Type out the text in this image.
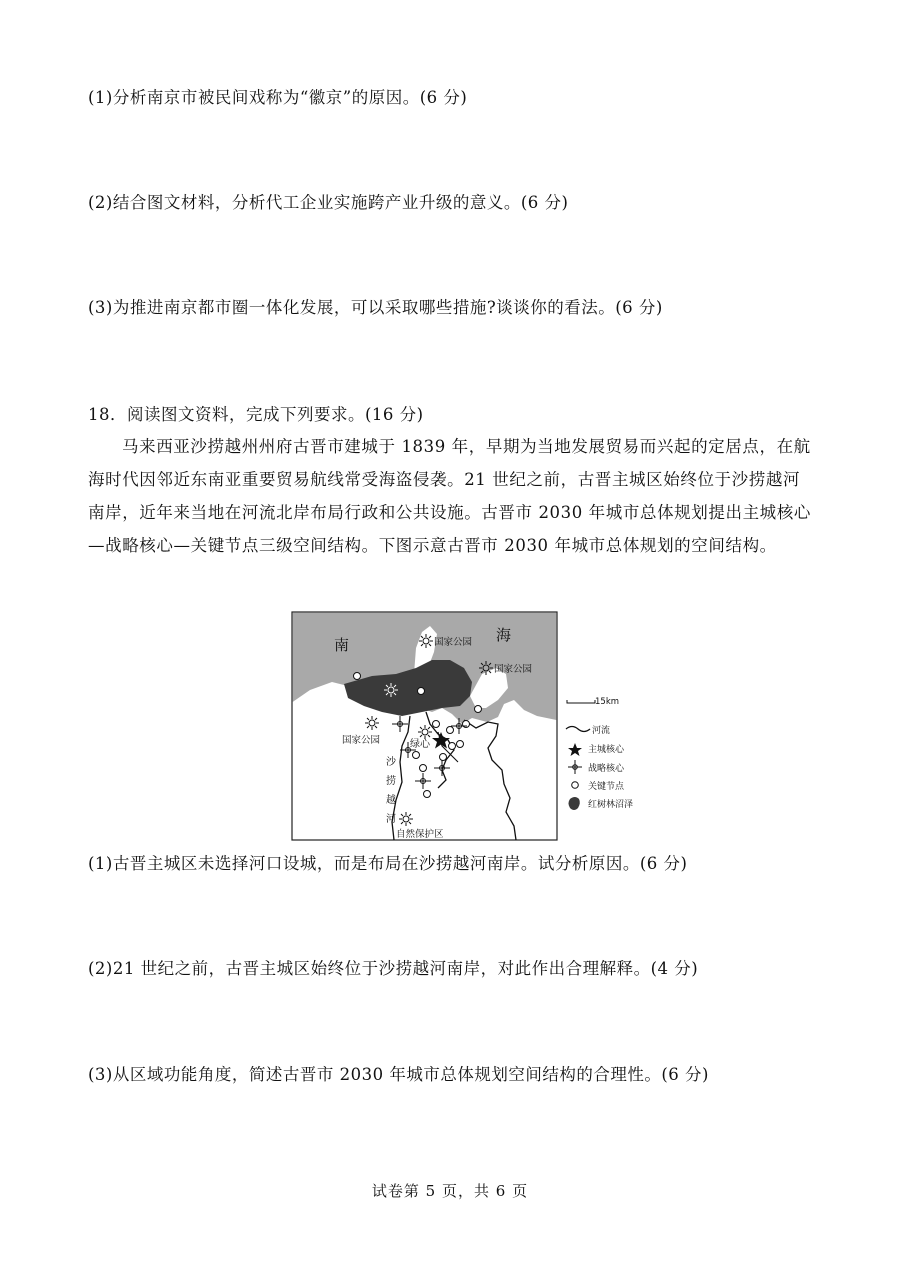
(1)分析南京市被民间戏称为“徽京”的原因。(6 分)
(2)结合图文材料，分析代工企业实施跨产业升级的意义。(6 分)
(3)为推进南京都市圈一体化发展，可以采取哪些措施?谈谈你的看法。(6 分)
18．阅读图文资料，完成下列要求。(16 分)
马来西亚沙捞越州州府古晋市建城于 1839 年，早期为当地发展贸易而兴起的定居点，在航海时代因邻近东南亚重要贸易航线常受海盗侵袭。21 世纪之前，古晋主城区始终位于沙捞越河南岸，近年来当地在河流北岸布局行政和公共设施。古晋市 2030 年城市总体规划提出主城核心—战略核心—关键节点三级空间结构。下图示意古晋市 2030 年城市总体规划的空间结构。
南
海
国家公园
国家公园
国家公园
自然保护区
绿心
沙
捞
越
河
15km
河流
主城核心
战略核心
关键节点
红树林沼泽
(1)古晋主城区未选择河口设城，而是布局在沙捞越河南岸。试分析原因。(6 分)
(2)21 世纪之前，古晋主城区始终位于沙捞越河南岸，对此作出合理解释。(4 分)
(3)从区域功能角度，简述古晋市 2030 年城市总体规划空间结构的合理性。(6 分)
试卷第 5 页，共 6 页
